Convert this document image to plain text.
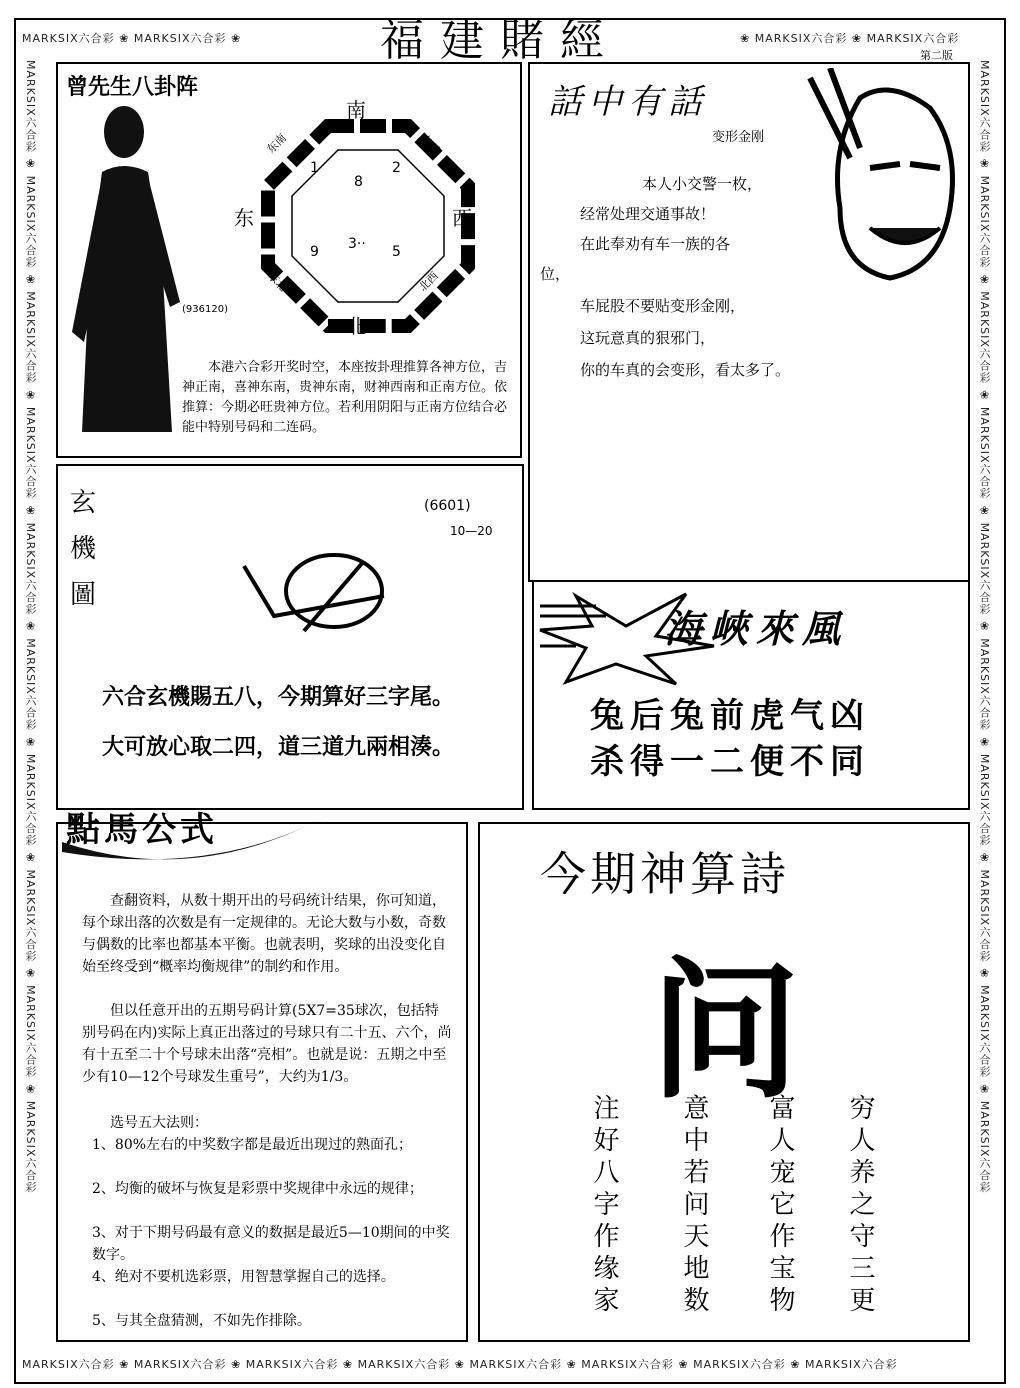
福建賭經
MARKSIX六合彩 ❀ MARKSIX六合彩 ❀	❀ MARKSIX六合彩 ❀ MARKSIX六合彩
第二版
MARKSIX六合彩 ❀ MARKSIX六合彩 ❀ MARKSIX六合彩 ❀ MARKSIX六合彩 ❀ MARKSIX六合彩 ❀ MARKSIX六合彩 ❀ MARKSIX六合彩 ❀ MARKSIX六合彩 ❀ MARKSIX六合彩 ❀ MARKSIX六合彩
MARKSIX六合彩 ❀ MARKSIX六合彩 ❀ MARKSIX六合彩 ❀ MARKSIX六合彩 ❀ MARKSIX六合彩 ❀ MARKSIX六合彩 ❀ MARKSIX六合彩 ❀ MARKSIX六合彩 ❀ MARKSIX六合彩 ❀ MARKSIX六合彩
MARKSIX六合彩 ❀ MARKSIX六合彩 ❀ MARKSIX六合彩 ❀ MARKSIX六合彩 ❀ MARKSIX六合彩 ❀ MARKSIX六合彩 ❀ MARKSIX六合彩 ❀ MARKSIX六合彩
曾先生八卦阵
(936120)
南
北
东	西
东南	南西
东北	北西
1
8
2
3··
9	5
本港六合彩开奖时空，本座按卦理推算各神方位，吉神正南，喜神东南，贵神东南，财神西南和正南方位。依推算：今期必旺贵神方位。若利用阴阳与正南方位结合必能中特别号码和二连码。
話中有話
变形金刚
本人小交警一枚，
经常处理交通事故！
在此奉劝有车一族的各
位，
车屁股不要贴变形金刚，
这玩意真的狠邪门，
你的车真的会变形，看太多了。
玄
機
圖
(6601)
10—20
六合玄機賜五八，今期算好三字尾。
大可放心取二四，道三道九兩相湊。
海峽來風
兔后兔前虎气凶
杀得一二便不同
點馬公式
查翻资料，从数十期开出的号码统计结果，你可知道，每个球出落的次数是有一定规律的。无论大数与小数，奇数与偶数的比率也都基本平衡。也就表明，奖球的出没变化自始至终受到“概率均衡规律”的制约和作用。
但以任意开出的五期号码计算(5X7=35球次，包括特别号码在内)实际上真正出落过的号球只有二十五、六个，尚有十五至二十个号球未出落“亮相”。也就是说：五期之中至少有10—12个号球发生重号”，大约为1/3。
选号五大法则：
1、80%左右的中奖数字都是最近出现过的熟面孔；
2、均衡的破坏与恢复是彩票中奖规律中永远的规律；
3、对于下期号码最有意义的数据是最近5—10期间的中奖数字。
4、绝对不要机选彩票，用智慧掌握自己的选择。
5、与其全盘猜测，不如先作排除。
今期神算詩
问
注好八字作缘家 意中若问天地数 富人宠它作宝物 穷人养之守三更
